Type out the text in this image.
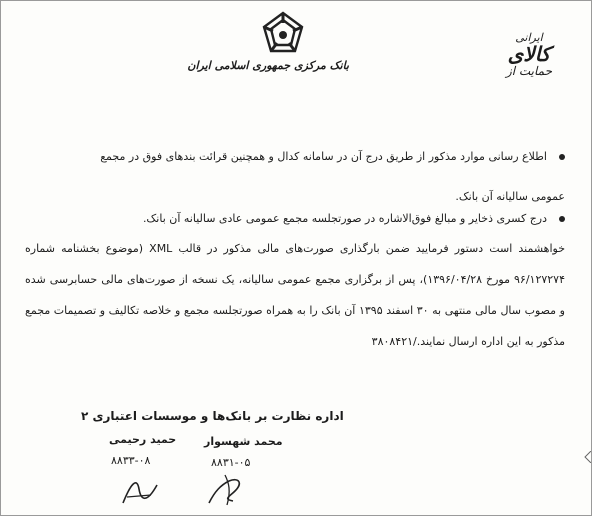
بانک مرکزی جمهوری اسلامی ایران
ایرانی
کالای
حمایت از
اطلاع رسانی موارد مذکور از طریق درج آن در سامانه کدال و همچنین قرائت بندهای فوق در مجمع
عمومی سالیانه آن بانک.
درج کسری ذخایر و مبالغ فوق‌الاشاره در صورتجلسه مجمع عمومی عادی سالیانه آن بانک.
خواهشمند است دستور فرمایید ضمن بارگذاری صورت‌های مالی مذکور در قالب XML (موضوع بخشنامه شماره ۹۶/۱۲۷۲۷۴ مورخ ۱۳۹۶/۰۴/۲۸)، پس از برگزاری مجمع عمومی سالیانه، یک نسخه از صورت‌های مالی حسابرسی شده و مصوب سال مالی منتهی به ۳۰ اسفند ۱۳۹۵ آن بانک را به همراه صورتجلسه مجمع و خلاصه تکالیف و تصمیمات مجمع مذکور به این اداره ارسال نمایند./۳۸۰۸۴۲۱
اداره نظارت بر بانک‌ها و موسسات اعتباری ۲
محمد شهسوار
۸۸۳۱-۰۵
حمید رحیمی
۸۸۳۳-۰۸
